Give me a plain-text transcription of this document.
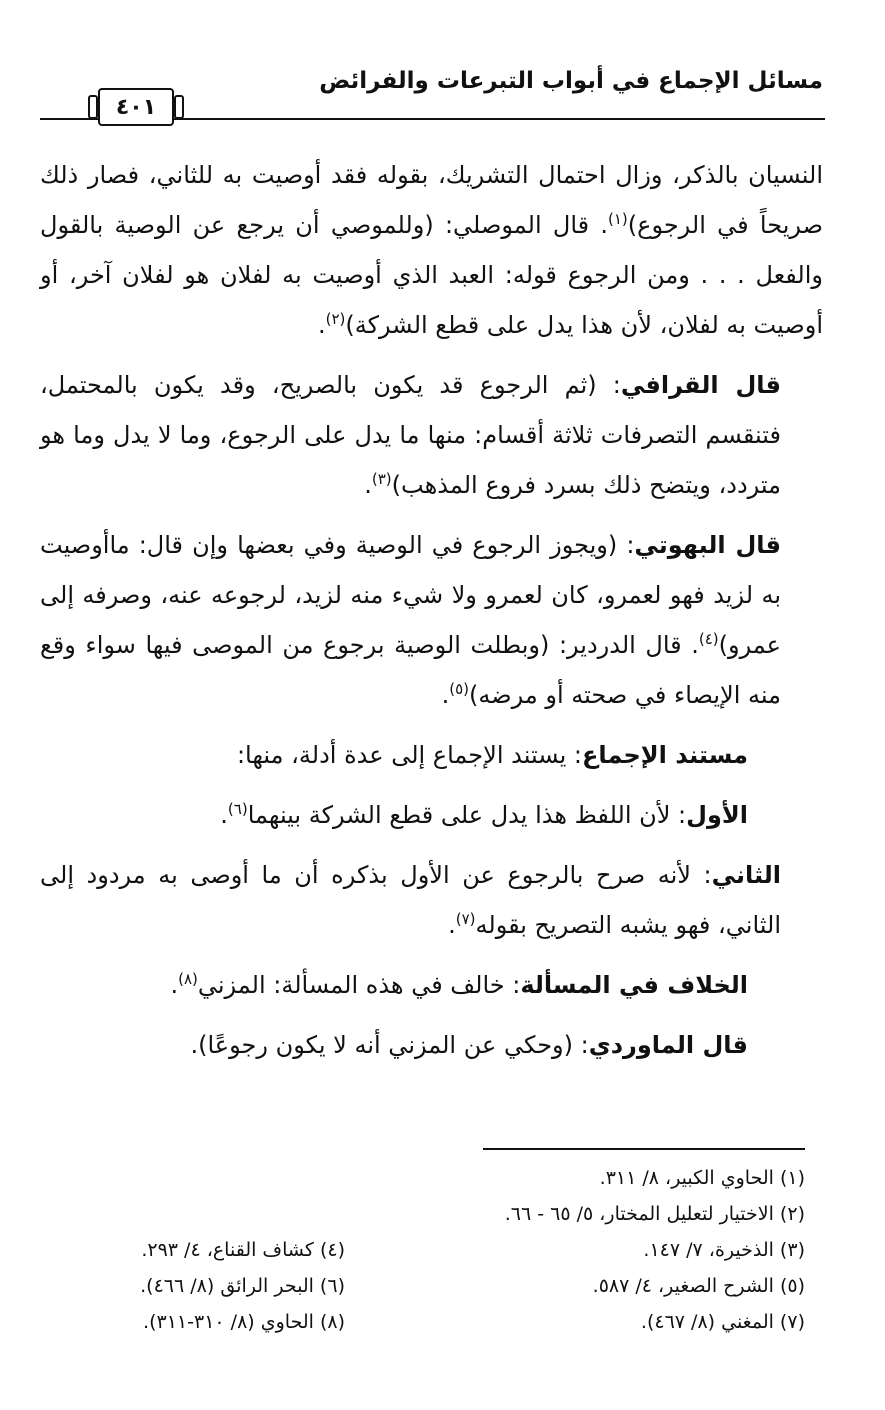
مسائل الإجماع في أبواب التبرعات والفرائض
٤٠١

النسيان بالذكر، وزال احتمال التشريك، بقوله فقد أوصيت به للثاني، فصار ذلك صريحاً في الرجوع)$^{(١)}$. قال الموصلي: (وللموصي أن يرجع عن الوصية بالقول والفعل . . . ومن الرجوع قوله: العبد الذي أوصيت به لفلان هو لفلان آخر، أو أوصيت به لفلان، لأن هذا يدل على قطع الشركة)$^{(٢)}$.

قال القرافي: (ثم الرجوع قد يكون بالصريح، وقد يكون بالمحتمل، فتنقسم التصرفات ثلاثة أقسام: منها ما يدل على الرجوع، وما لا يدل وما هو متردد، ويتضح ذلك بسرد فروع المذهب)$^{(٣)}$.

قال البهوتي: (ويجوز الرجوع في الوصية وفي بعضها وإن قال: ماأوصيت به لزيد فهو لعمرو، كان لعمرو ولا شيء منه لزيد، لرجوعه عنه، وصرفه إلى عمرو)$^{(٤)}$. قال الدردير: (وبطلت الوصية برجوع من الموصى فيها سواء وقع منه الإيصاء في صحته أو مرضه)$^{(٥)}$.

مستند الإجماع: يستند الإجماع إلى عدة أدلة، منها:

الأول: لأن اللفظ هذا يدل على قطع الشركة بينهما$^{(٦)}$.

الثاني: لأنه صرح بالرجوع عن الأول بذكره أن ما أوصى به مردود إلى الثاني، فهو يشبه التصريح بقوله$^{(٧)}$.

الخلاف في المسألة: خالف في هذه المسألة: المزني$^{(٨)}$.

قال الماوردي: (وحكي عن المزني أنه لا يكون رجوعًا).

(١) الحاوي الكبير، ٨/ ٣١١.
(٢) الاختيار لتعليل المختار، ٥/ ٦٥ - ٦٦.
(٣) الذخيرة، ٧/ ١٤٧.
(٥) الشرح الصغير، ٤/ ٥٨٧.
(٧) المغني (٨/ ٤٦٧).
(٤) كشاف القناع، ٤/ ٢٩٣.
(٦) البحر الرائق (٨/ ٤٦٦).
(٨) الحاوي (٨/ ٣١٠-٣١١).
